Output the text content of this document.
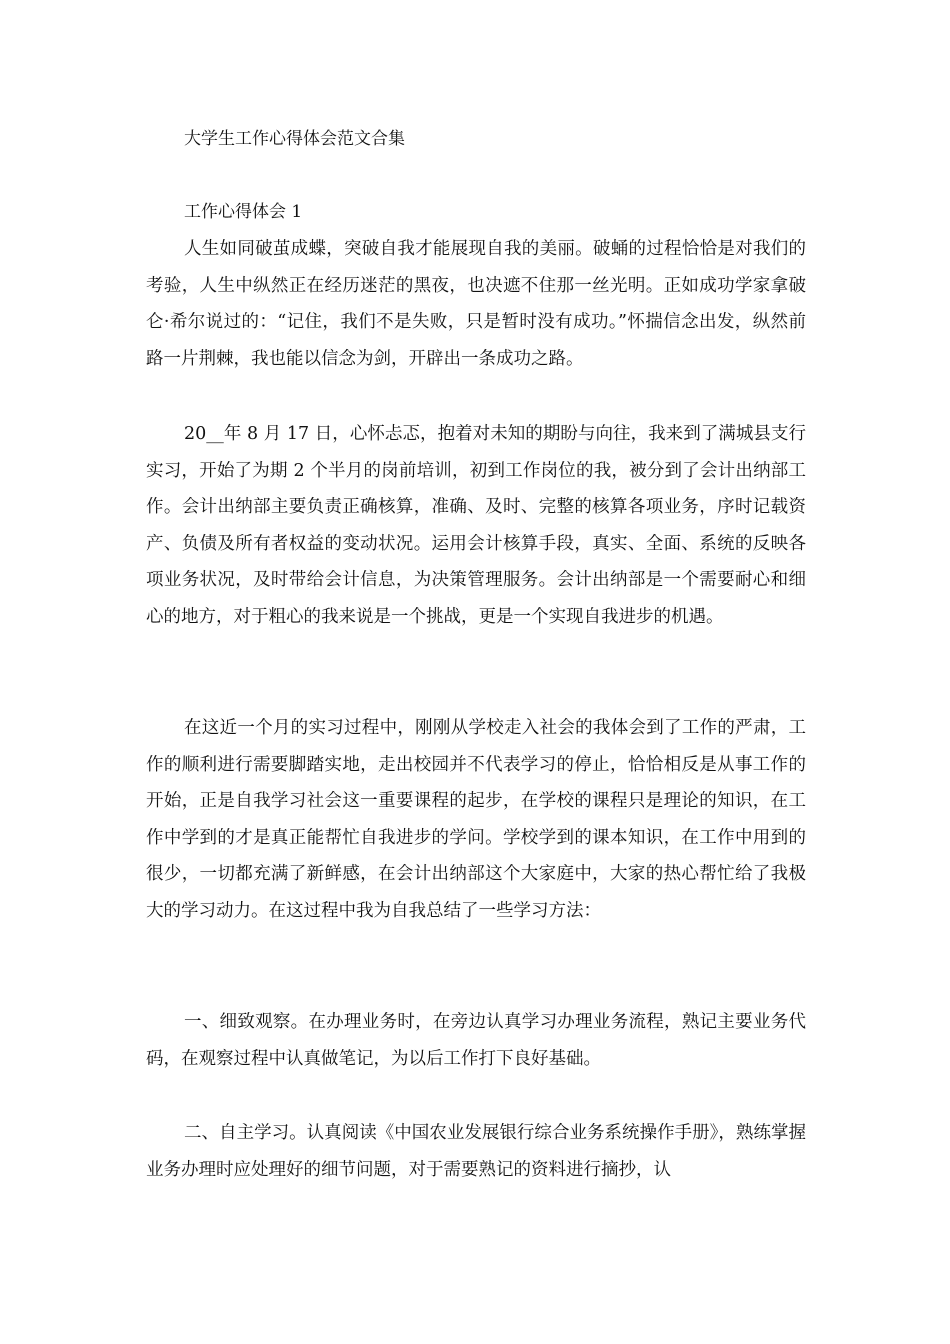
大学生工作心得体会范文合集
工作心得体会 1

人生如同破茧成蝶，突破自我才能展现自我的美丽。破蛹的过程恰恰是对我们的考验，人生中纵然正在经历迷茫的黑夜，也决遮不住那一丝光明。正如成功学家拿破仑·希尔说过的：“记住，我们不是失败，只是暂时没有成功。”怀揣信念出发，纵然前路一片荆棘，我也能以信念为剑，开辟出一条成功之路。

20__年 8 月 17 日，心怀忐忑，抱着对未知的期盼与向往，我来到了满城县支行实习，开始了为期 2 个半月的岗前培训，初到工作岗位的我，被分到了会计出纳部工作。会计出纳部主要负责正确核算，准确、及时、完整的核算各项业务，序时记载资产、负债及所有者权益的变动状况。运用会计核算手段，真实、全面、系统的反映各项业务状况，及时带给会计信息，为决策管理服务。会计出纳部是一个需要耐心和细心的地方，对于粗心的我来说是一个挑战，更是一个实现自我进步的机遇。

在这近一个月的实习过程中，刚刚从学校走入社会的我体会到了工作的严肃，工作的顺利进行需要脚踏实地，走出校园并不代表学习的停止，恰恰相反是从事工作的开始，正是自我学习社会这一重要课程的起步，在学校的课程只是理论的知识，在工作中学到的才是真正能帮忙自我进步的学问。学校学到的课本知识，在工作中用到的很少，一切都充满了新鲜感，在会计出纳部这个大家庭中，大家的热心帮忙给了我极大的学习动力。在这过程中我为自我总结了一些学习方法：

一、细致观察。在办理业务时，在旁边认真学习办理业务流程，熟记主要业务代码，在观察过程中认真做笔记，为以后工作打下良好基础。

二、自主学习。认真阅读《中国农业发展银行综合业务系统操作手册》，熟练掌握业务办理时应处理好的细节问题，对于需要熟记的资料进行摘抄，认
